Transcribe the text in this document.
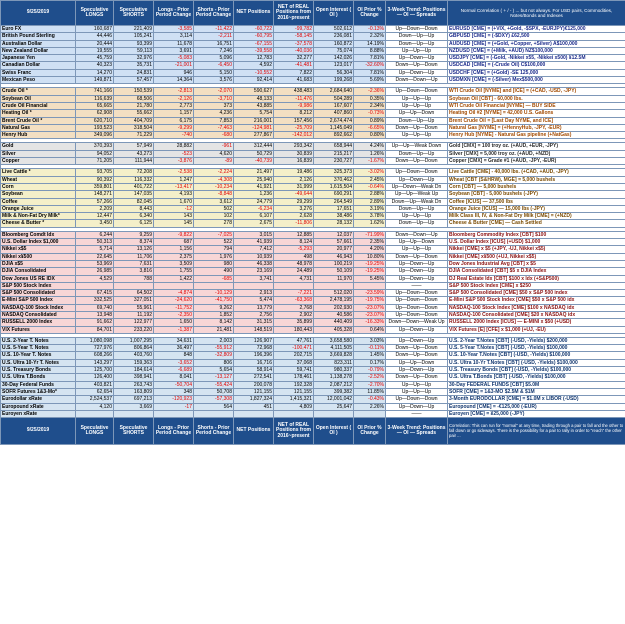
9/25/2019	Speculative LONGS	Speculative SHORTS	Longs - Prior Period Change	Shorts - Prior Period Change	NET Positions	NET of REAL Positions from 2016~present	Open Interest ( OI )	OI Prior % Change	3-Week Trend: Positions — OI — Spreads	Normal Correlation ( + / - ) ... but not always. For USD pairs, Commodities, Notes/Bonds and Indexes
Euro FX	160,687	221,409	-3,585	-11,422	-60,722	-99,782	502,612	-0.13%	Up—Down—Down	EURUSD [CME] = (+VIX, +Gold, -$SPX, -EURJPY)€125,000
British Pound Sterling	44,446	105,241	3,114	-2,211	-60,795	-58,145	236,081	2.32%	Down—Up—Up	GBPUSD [CME] = (-$DXY) £62,500
Australian Dollar	20,444	93,399	11,678	16,751	-67,155	-37,578	160,872	14.19%	Down—Up—Up	AUDUSD [CME] = (+Gold, +Copper, +Silver) A$100,000
New Zealand Dollar	19,555	59,113	3,691	7,246	-39,558	-40,036	75,074	8.88%	Up—Up—Up	NZDUSD [CME] = (+Milk, +AUD) NZ$100,000
Japanese Yen	45,759	32,976	-5,083	5,096	12,783	32,277	142,026	7.81%	Up—Down—Up	USDJPY [CME] = (-Gold, -Nikkei x55, -Nikkei x500) ¥12.5M
Canadian Dollar	40,323	35,731	-21,001	-6,450	4,592	-41,481	123,017	-32.60%	Down—Up—Down	USDCAD [CME] = (-Crude Oil) C$100,000
Swiss Franc	14,270	24,831	946	5,150	-10,552	7,822	56,304	7.81%	Up—Down—Up	USDCHF [CME] = (+Gold) -SE 125,000
Mexican Peso	149,871	57,457	14,364	3,576	92,414	41,683	199,268	5.69%	Down—Down—Up	USDMXN [CME] = (-Silver) Mex$500,000

Crude Oil *	741,166	150,539	-2,813	-2,070	590,627	438,483	2,684,640	-2.36%	Up—Down—Down	WTI Crude Oil [NYME] and [ICE] = (+CAD, -USD, -JPY)
Soybean Oil	116,639	68,506	-2,126	-3,710	48,133	-11,476	504,289	0.35%	Up—Up—Up	Soybean Oil [CBT] - 60,000 lbs.
Crude Oil Financial	65,665	21,780	2,773	373	43,885	-9,986	167,607	2.34%	Up—Up—Up	WTI Crude Oil Financial [NYME] — BUY SIDE
Heating Oil *	62,908	55,662	1,157	4,236	5,754	8,212	407,860	-0.73%	Up—Up—Down	Heating Oil #2 [NYME] = 42,000 U.S. Gallons
Brent Crude Oil *	620,710	404,709	6,175	7,853	216,001	157,456	2,674,474	0.89%	Down—Up—Up	Brent Crude Oil = [Last Day NYME, and ICE]
Natural Gas	193,523	318,504	-9,299	-7,463	-124,981	-25,709	1,145,049	-6.65%	Down—Up—Down	Natural Gas [NYME] = (+HennyHub, -JPY, -EUR)
Henry Hub	349,096	71,229	-740	-680	277,867	-142,012	892,662	0.80%	Up—Up—Up	Henry Hub [NYME] - Natural Gas pipeline (+NatGas)

Gold	370,393	57,949	28,882	-961	312,444	293,342	658,944	4.24%	Up—Up—Weak Down	Gold [CMX] = 100 troy oz. (+AUD, +EUR, -JPY)
Silver	94,052	43,273	-523	4,620	50,729	30,839	215,217	1.26%	Down—Up—Up	Silver [CMX] = 5,000 troy oz. (+AUD, +NZD)
Copper	71,205	111,944	-3,876	-89	-40,739	16,839	230,727	-1.67%	Down—Up—Down	Copper [CMX] = Grade #1 (+AUD, -JPY, -EUR)

Live Cattle *	93,705	72,208	-2,538	-2,224	21,497	19,486	325,373	-3.02%	Up—Down—Down	Live Cattle [CME] - 40,000 lbs. (+CAD, +AUD, -JPY)
Wheat	90,392	116,332	1,247	-4,308	25,940	2,126	370,462	2.45%	Up—Down—Up	Wheat [CBT (S&HRW), MGE] = 5,000 bushels
Corn	359,801	401,722	-13,417	-10,234	41,921	31,999	1,615,504	-0.64%	Up—Down—Weak Dn	Corn [CBT] — 5,000 bushels
Soybean	148,271	147,035	4,193	-8,848	1,236	-49,644	690,291	2.88%	Up—Up—Weak Up	Soybean [CBT] - 5,000 bushels (-JPY)
Coffee	57,266	82,045	1,670	3,612	24,779	29,299	264,549	2.89%	Down—Up—Weak Dn	Coffee [ICUS] — 37,500 lbs
Orange Juice	2,209	8,443	-12	502	-6,234	3,276	17,651	3.19%	Down—Up—Up	Orange Juice [ICUS] — 15,000 lbs (-JPY)
Milk & Non-Fat Dry Milk*	12,447	6,340	143	102	6,107	2,628	38,486	3.78%	Up—Up—Up	Milk Class III, IV, & Non-Fat Dry Milk [CME] = (+NZD)
Cheese & Butter *	3,450	6,125	145	278	2,675	-11,806	28,132	1.62%	Down—Up—Up	Cheese & Butter [CME] — Cash Settled

Bloomberg Comdt Idx	6,244	9,259	-9,822	-7,025	3,015	12,885	12,037	-71.99%	Down—Down—Up	Bloomberg Commodity Index [CBT] $100
U.S. Dollar Index $1,000	50,313	8,374	687	522	41,939	8,124	57,661	2.35%	Up—Up—Down	U.S. Dollar Index [ICUS] (+USD) $1,000
Nikkei x$5	5,714	13,126	1,156	794	7,412	-5,293	20,977	4.20%	Up—Up—Up	Nikkei [CME] x $5 (+JPY, -UJ, Nikkei x$5)
Nikkei x¥500	22,645	11,706	2,375	1,976	10,939	498	46,943	10.80%	Down—Up—Down	Nikkei [CME] x¥500 (+UJ, Nikkei x$5)
DJIA x$5	53,969	7,631	3,509	980	46,338	48,978	100,219	-19.25%	Up—Down—Up	Dow Jones Industrial Avg [CBT] x $5
DJIA Consolidated	26,985	3,816	1,755	490	23,169	24,489	50,109	-19.25%	Up—Down—Up	DJIA Consolidated [CBT] $5 x DJIA Index
Dow Jones US RE IDX	4,529	788	1,422	-685	3,741	4,731	11,970	5.45%	Up—Down—Up	DJ Real Estate Idx [CBT] $100 x Idx (+S&P500)
S&P 500 Stock Index									——	S&P 500 Stock Index [CME] x $250
S&P 500 Consolidated	67,415	64,502	-4,874	-10,129	2,913	-7,221	512,020	-23.59%	Up—Down—Down	S&P 500 Consolidated [CME] $50 x S&P 500 index
E-Mini S&P 500 Index	332,525	327,051	-24,620	-41,750	5,474	-63,368	2,478,195	-19.75%	Up—Down—Down	E-Mini S&P 500 Stock Index [CME] $50 x S&P 500 idx
NASDAQ-100 Stock Index	69,740	55,961	-11,752	9,262	13,779	2,768	202,930	-23.07%	Up—Down—Down	NASDAQ-100 Stock Index [CME] $100 x NASDAQ idx
NASDAQ Consolidated	13,948	11,192	-2,350	1,852	2,756	2,902	40,586	-23.07%	Up—Down—Down	NASDAQ-100 Consolidated [CME] $20 x NASDAQ idx
RUSSELL 2000 Index	91,662	122,977	1,650	8,142	31,315	35,899	440,409	-16.33%	Down—Down—Weak Up	RUSSELL 2000 Index [ICUS] — E-MINI x $50 (+USD)
VIX Futures	84,701	233,220	-1,387	21,481	148,519	180,443	405,328	0.64%	Up—Down—Up	VIX Futures [E] [CFE] x $1,000 (+UJ, -EU)

U.S. 2-Year T. Notes	1,080,098	1,007,295	34,631	2,003	126,907	47,761	3,658,580	3.03%	Up—Down—Up	U.S. 2-Year T.Notes [CBT] (-USD, -Yields) $200,000
U.S. 5-Year T. Notes	727,976	806,864	36,497	-55,912	72,968	-100,471	4,111,505	-0.11%	Down—Up—Down	U.S. 5-Year T.Notes [CBT] (-USD, -Yields) $100,000
U.S. 10-Year T. Notes	608,266	403,760	848	-32,809	196,396	202,715	3,669,828	1.45%	Down—Up—Down	U.S. 10-Year T.Notes [CBT] (-USD, -Yields) $100,000
U.S. Ultra 10-Yr T. Notes	143,297	159,363	-3,652	806	16,716	37,068	823,311	0.17%	Up—Up—Down	U.S. Ultra 10-Yr T.Notes [CBT] (-USD, -Yields) $100,000
U.S. Treasury Bonds	125,700	184,614	-6,689	5,654	58,914	59,741	980,337	-0.79%	Up—Down—Up	U.S. Treasury Bonds [CBT] (-USD, -Yields) $100,000
U.S. Ultra T.Bonds	126,400	398,941	8,041	-13,127	272,541	178,461	1,138,278	-2.52%	Down—Up—Down	U.S. Ultra T.Bonds [CBT] (-USD, -Yields) $100,000
30-Day Federal Funds	403,821	263,743	-50,704	-55,424	200,078	192,328	2,087,212	-2.70%	Up—Up—Up	30-Day FEDERAL FUNDS [CBT] $5.0M
SOFR Futures 1&3-Mo*	62,654	163,809	348	50,708	121,155	121,155	399,382	11.85%	Up—Up—Up	SOFR [CME] = 1&3-MO $2.5M & $1M
Eurodollar xRate	2,524,537	697,213	-120,923	-57,308	1,827,324	1,415,321	12,001,042	-0.43%	Up—Down—Down	3-Month EURODOLLAR [CME] = $1.0M x LIBOR (-USD)
Europound xRate	4,120	3,669	-17	564	451	4,809	25,647	2.26%	Up—Down—Up	Europound [CME] = -€125,000 (-EUR)
Euroyen xRate									——	Euroyen [CME] = ¥25,000 (-JPY)
9/25/2019	Speculative LONGS	Speculative SHORTS	Longs - Prior Period Change	Shorts - Prior Period Change	NET Positions	NET of REAL Positions from 2016~present	Open Interest ( OI )	OI Prior % Change	3-Week Trend: Positions — OI — Spreads	Correlation: This can run for "normal" at any time, trading through a pair to fall and the other to fall down or go sideways. There is the possibility for a pair to rally in order to "reach" the other pair ...
